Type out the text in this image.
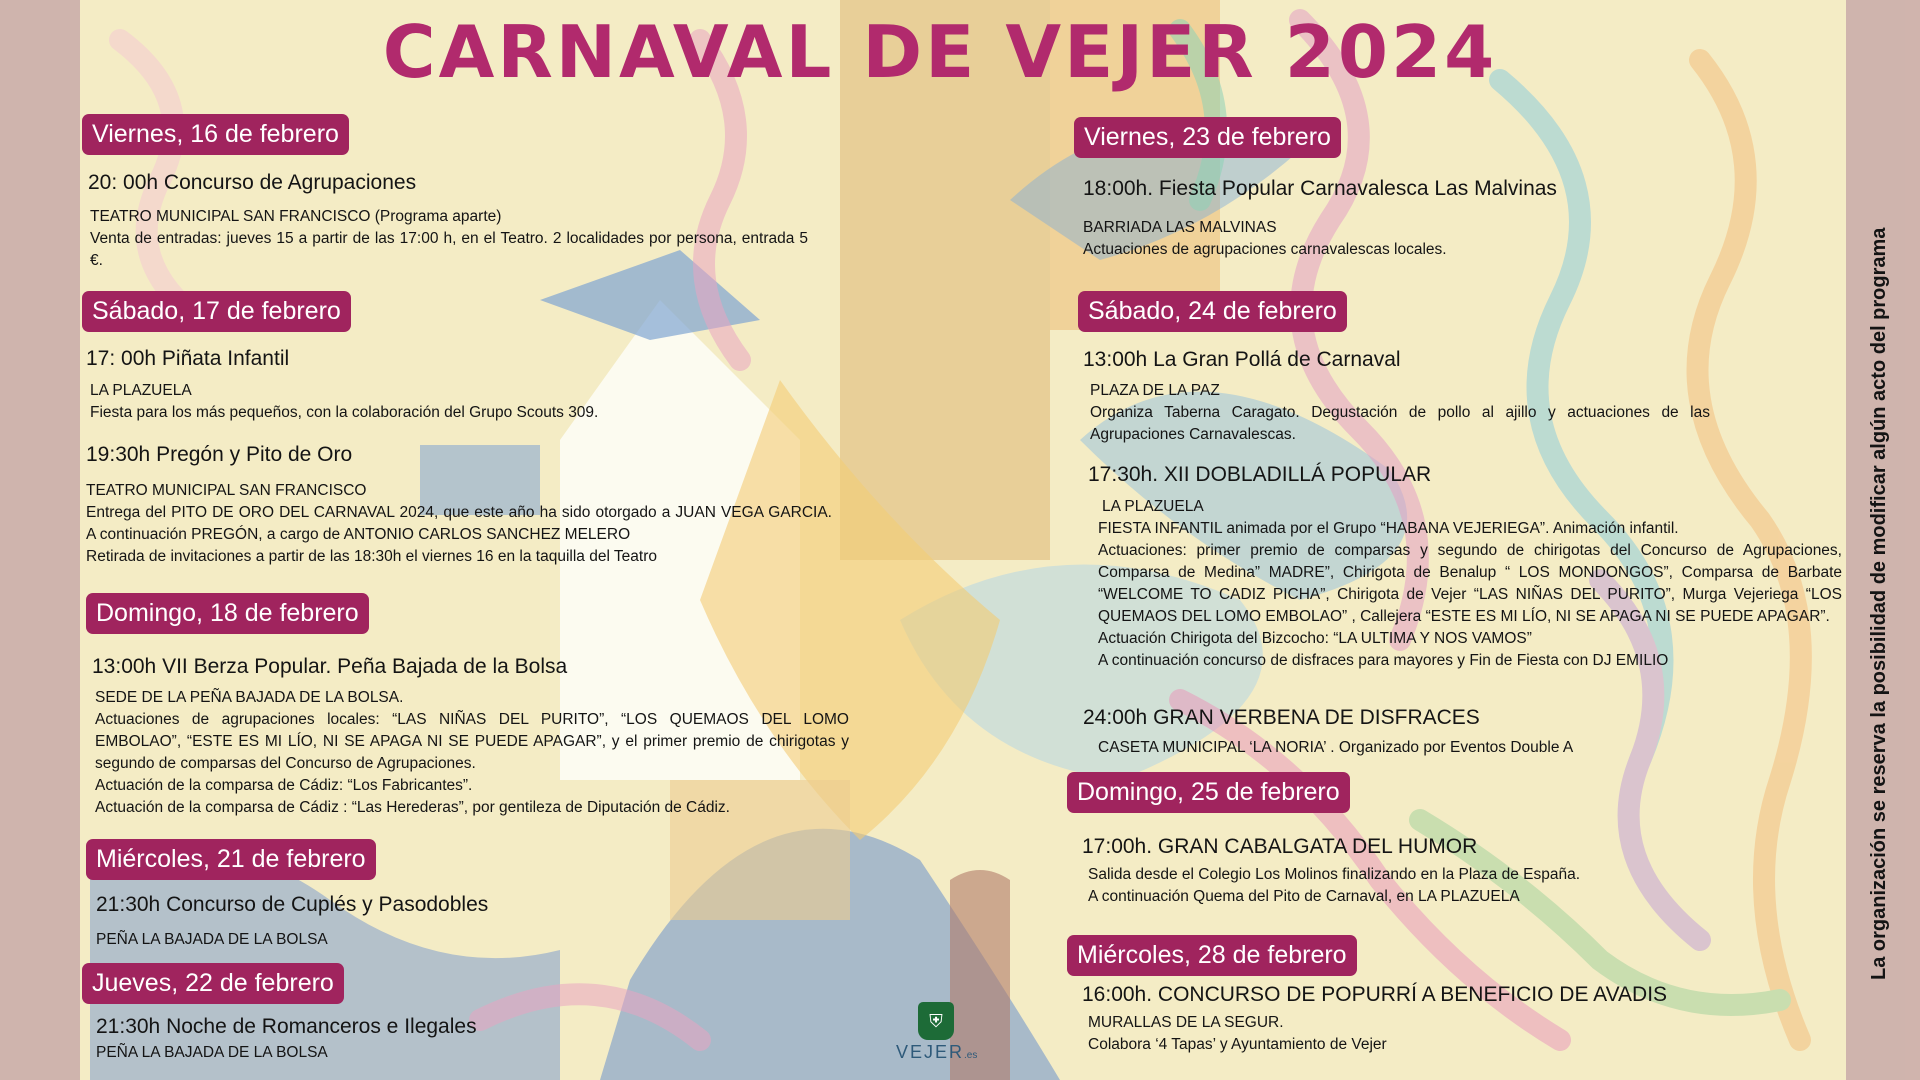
CARNAVAL DE VEJER 2024
Viernes, 16 de febrero
20: 00h Concurso de Agrupaciones
TEATRO MUNICIPAL SAN FRANCISCO (Programa aparte)
Venta de entradas: jueves 15 a partir de las 17:00 h, en el Teatro. 2 localidades por persona, entrada 5 €.
Sábado, 17 de febrero
17: 00h Piñata Infantil
LA PLAZUELA
Fiesta para los más pequeños, con la colaboración del Grupo Scouts 309.
19:30h Pregón y Pito de Oro
TEATRO MUNICIPAL SAN FRANCISCO
Entrega del PITO DE ORO DEL CARNAVAL 2024, que este año ha sido otorgado a JUAN VEGA GARCIA. A continuación PREGÓN, a cargo de ANTONIO CARLOS SANCHEZ MELERO
Retirada de invitaciones a partir de las 18:30h el viernes 16 en la taquilla del Teatro
Domingo, 18 de febrero
13:00h VII Berza Popular. Peña Bajada de la Bolsa
SEDE DE LA PEÑA BAJADA DE LA BOLSA.
Actuaciones de agrupaciones locales: “LAS NIÑAS DEL PURITO”, “LOS QUEMAOS DEL LOMO EMBOLAO”, “ESTE ES MI LÍO, NI SE APAGA NI SE PUEDE APAGAR”, y el primer premio de chirigotas y segundo de comparsas del Concurso de Agrupaciones.
Actuación de la comparsa de Cádiz: “Los Fabricantes”.
Actuación de la comparsa de Cádiz : “Las Herederas”, por gentileza de Diputación de Cádiz.
Miércoles, 21 de febrero
21:30h Concurso de Cuplés y Pasodobles
PEÑA LA BAJADA DE LA BOLSA
Jueves, 22 de febrero
21:30h Noche de Romanceros e Ilegales
PEÑA LA BAJADA DE LA BOLSA
Viernes, 23 de febrero
18:00h. Fiesta Popular Carnavalesca Las Malvinas
BARRIADA LAS MALVINAS
Actuaciones de agrupaciones carnavalescas locales.
Sábado, 24 de febrero
13:00h La Gran Pollá de Carnaval
PLAZA DE LA PAZ
Organiza Taberna Caragato. Degustación de pollo al ajillo y actuaciones de las Agrupaciones Carnavalescas.
17:30h. XII DOBLADILLÁ POPULAR
LA PLAZUELA
FIESTA INFANTIL animada por el Grupo “HABANA VEJERIEGA”. Animación infantil.
Actuaciones: primer premio de comparsas y segundo de chirigotas del Concurso de Agrupaciones, Comparsa de Medina” MADRE”, Chirigota de Benalup “ LOS MONDONGOS”, Comparsa de Barbate “WELCOME TO CADIZ PICHA”, Chirigota de Vejer “LAS NIÑAS DEL PURITO”, Murga Vejeriega “LOS QUEMAOS DEL LOMO EMBOLAO” , Callejera “ESTE ES MI LÍO, NI SE APAGA NI SE PUEDE APAGAR”.
Actuación Chirigota del Bizcocho: “LA ULTIMA Y NOS VAMOS”
A continuación concurso de disfraces para mayores y Fin de Fiesta con DJ EMILIO
24:00h GRAN VERBENA DE DISFRACES
CASETA MUNICIPAL ‘LA NORIA’ . Organizado por Eventos Double A
Domingo, 25 de febrero
17:00h. GRAN CABALGATA DEL HUMOR
Salida desde el Colegio Los Molinos finalizando en la Plaza de España.
A continuación Quema del Pito de Carnaval, en LA PLAZUELA
Miércoles, 28 de febrero
16:00h. CONCURSO DE POPURRÍ A BENEFICIO DE AVADIS
MURALLAS DE LA SEGUR.
Colabora ‘4 Tapas’ y Ayuntamiento de Vejer
La organización se reserva la posibilidad de modificar algún acto del programa
⛨
VEJER.es
